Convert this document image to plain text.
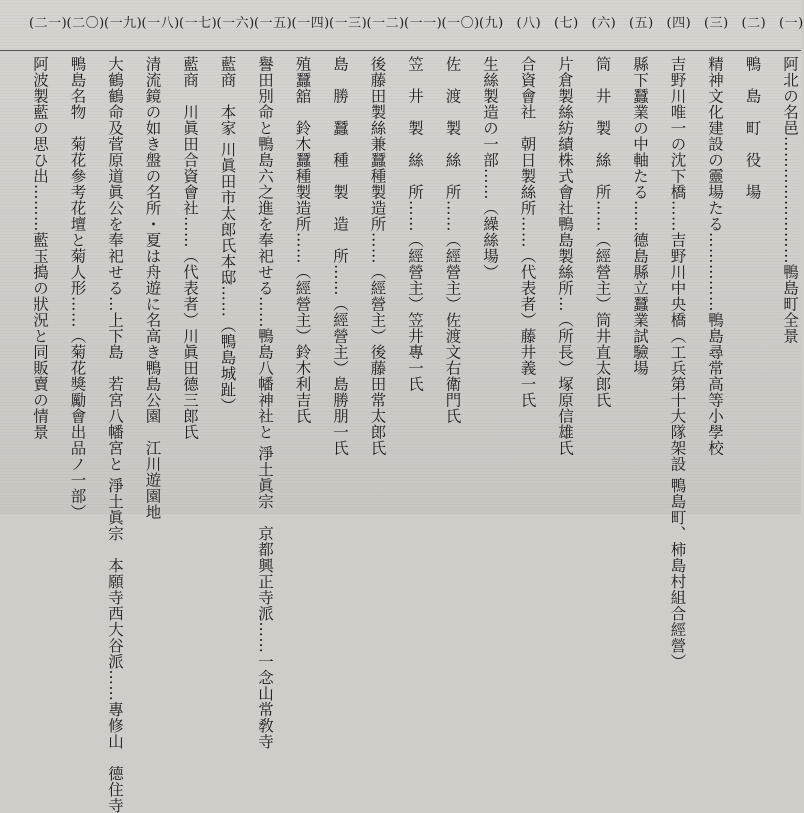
(一)
阿北の名邑……………………鴨島町全景
(二)
鴨　島　町　役　場
(三)
精神文化建設の靈場たる……………鴨島尋常高等小學校
(四)
吉野川唯一の沈下橋……吉野川中央橋（工兵第十大隊架設 鴨島町、柿島村組合經營）
(五)
縣下蠶業の中軸たる……德島縣立蠶業試驗場
(六)
筒　井　製　絲　所……（經營主）筒井直太郎氏
(七)
片倉製絲紡績株式會社鴨島製絲所…（所長）塚原信雄氏
(八)
合資會社　朝日製絲所……（代表者）藤井義一氏
(九)
生絲製造の一部……（繰絲場）
(一〇)
佐　渡　製　絲　所……（經營主）佐渡文右衛門氏
(一一)
笠　井　製　絲　所……（經營主）笠井專一氏
(一二)
後藤田製絲兼蠶種製造所……（經營主）後藤田常太郎氏
(一三)
島　勝　蠶　種　製　造　所……（經營主）島勝朋一氏
(一四)
殖蠶舘　鈴木蠶種製造所……（經營主）鈴木利吉氏
(一五)
譽田別命と鴨島六之進を奉祀せる……鴨島八幡神社と 淨土眞宗　京都興正寺派……一念山常敎寺
(一六)
藍商　本家 川眞田市太郎氏本邸……（鴨島城趾）
(一七)
藍商　川眞田合資會社……（代表者）川眞田德三郎氏
(一八)
清流鏡の如き盤の名所・夏は舟遊に名高き鴨島公園　江川遊園地
(一九)
大鶴鶴命及菅原道眞公を奉祀せる…上下島　若宮八幡宮と 淨土眞宗　本願寺西大谷派……專修山　德住寺
(二〇)
鴨島名物　菊花參考花壇と菊人形……（菊花獎勵會出品ノ一部）
(二一)
阿波製藍の思ひ出………藍玉搗の狀況と同販賣の情景
